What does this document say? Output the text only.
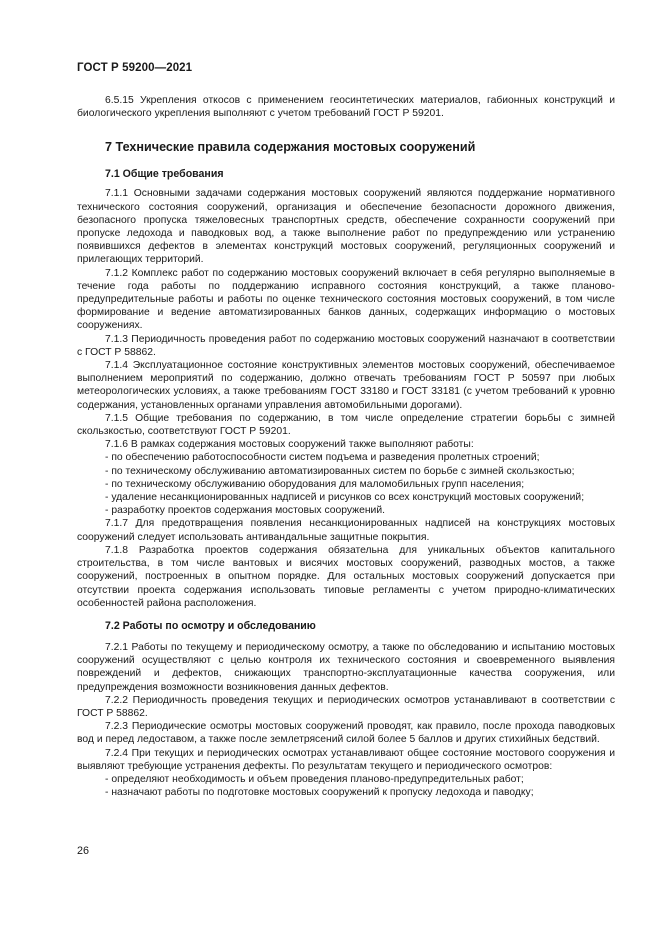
ГОСТ Р 59200—2021

6.5.15 Укрепления откосов с применением геосинтетических материалов, габионных конструкций и биологического укрепления выполняют с учетом требований ГОСТ Р 59201.

7 Технические правила содержания мостовых сооружений
7.1 Общие требования

7.1.1 Основными задачами содержания мостовых сооружений являются поддержание нормативного технического состояния сооружений, организация и обеспечение безопасности дорожного движения, безопасного пропуска тяжеловесных транспортных средств, обеспечение сохранности сооружений при пропуске ледохода и паводковых вод, а также выполнение работ по предупреждению или устранению появившихся дефектов в элементах конструкций мостовых сооружений, регуляционных сооружений и прилегающих территорий.

7.1.2 Комплекс работ по содержанию мостовых сооружений включает в себя регулярно выполняемые в течение года работы по поддержанию исправного состояния конструкций, а также планово-предупредительные работы и работы по оценке технического состояния мостовых сооружений, в том числе формирование и ведение автоматизированных банков данных, содержащих информацию о мостовых сооружениях.

7.1.3 Периодичность проведения работ по содержанию мостовых сооружений назначают в соответствии с ГОСТ Р 58862.

7.1.4 Эксплуатационное состояние конструктивных элементов мостовых сооружений, обеспечиваемое выполнением мероприятий по содержанию, должно отвечать требованиям ГОСТ Р 50597 при любых метеорологических условиях, а также требованиям ГОСТ 33180 и ГОСТ 33181 (с учетом требований к уровню содержания, установленных органами управления автомобильными дорогами).

7.1.5 Общие требования по содержанию, в том числе определение стратегии борьбы с зимней скользкостью, соответствуют ГОСТ Р 59201.

7.1.6 В рамках содержания мостовых сооружений также выполняют работы:

- по обеспечению работоспособности систем подъема и разведения пролетных строений;

- по техническому обслуживанию автоматизированных систем по борьбе с зимней скользкостью;

- по техническому обслуживанию оборудования для маломобильных групп населения;

- удаление несанкционированных надписей и рисунков со всех конструкций мостовых сооружений;

- разработку проектов содержания мостовых сооружений.

7.1.7 Для предотвращения появления несанкционированных надписей на конструкциях мостовых сооружений следует использовать антивандальные защитные покрытия.

7.1.8 Разработка проектов содержания обязательна для уникальных объектов капитального строительства, в том числе вантовых и висячих мостовых сооружений, разводных мостов, а также сооружений, построенных в опытном порядке. Для остальных мостовых сооружений допускается при отсутствии проекта содержания использовать типовые регламенты с учетом природно-климатических особенностей района расположения.

7.2 Работы по осмотру и обследованию

7.2.1 Работы по текущему и периодическому осмотру, а также по обследованию и испытанию мостовых сооружений осуществляют с целью контроля их технического состояния и своевременного выявления повреждений и дефектов, снижающих транспортно-эксплуатационные качества сооружения, или предупреждения возможности возникновения данных дефектов.

7.2.2 Периодичность проведения текущих и периодических осмотров устанавливают в соответствии с ГОСТ Р 58862.

7.2.3 Периодические осмотры мостовых сооружений проводят, как правило, после прохода паводковых вод и перед ледоставом, а также после землетрясений силой более 5 баллов и других стихийных бедствий.

7.2.4 При текущих и периодических осмотрах устанавливают общее состояние мостового сооружения и выявляют требующие устранения дефекты. По результатам текущего и периодического осмотров:

- определяют необходимость и объем проведения планово-предупредительных работ;

- назначают работы по подготовке мостовых сооружений к пропуску ледохода и паводку;

26
